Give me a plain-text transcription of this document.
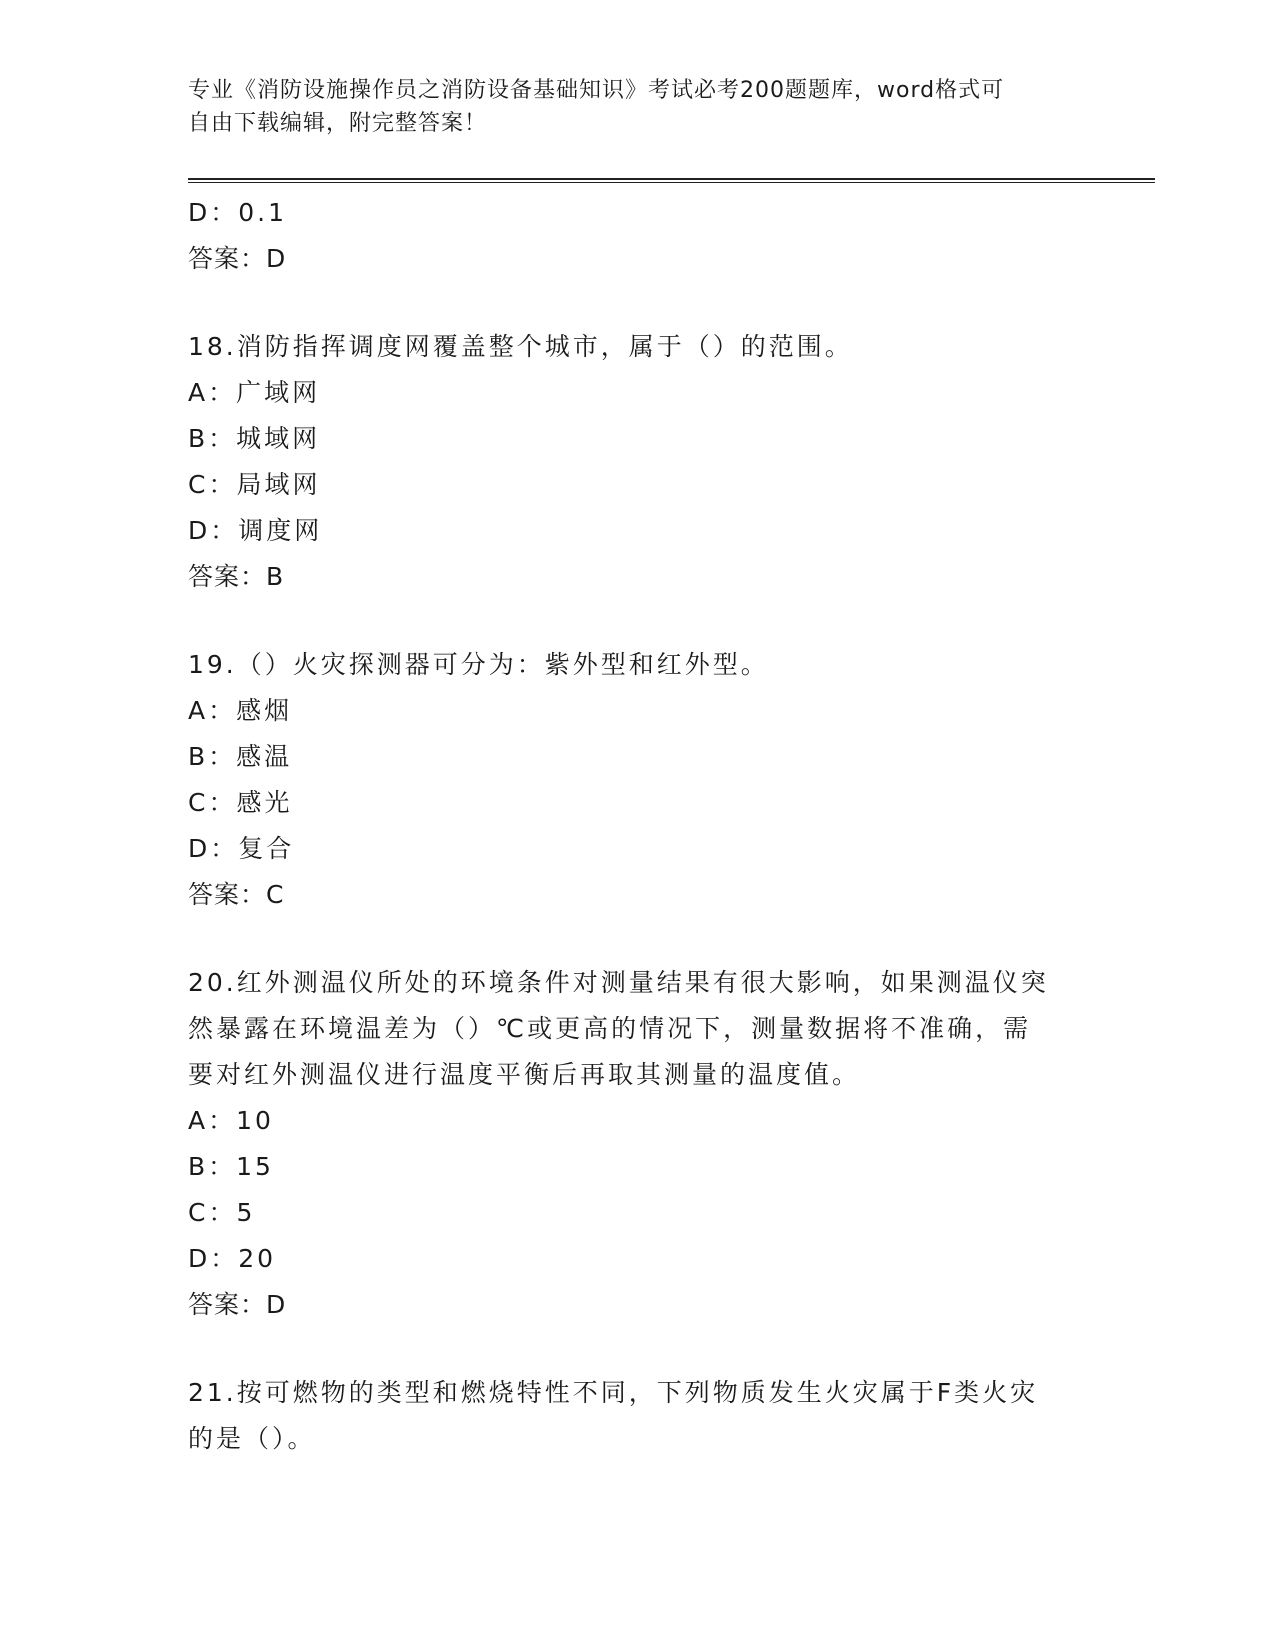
专业《消防设施操作员之消防设备基础知识》考试必考200题题库，word格式可
自由下载编辑，附完整答案！
D：0.1
答案：D
18.消防指挥调度网覆盖整个城市，属于（）的范围。
A：广域网
B：城域网
C：局域网
D：调度网
答案：B
19.（）火灾探测器可分为：紫外型和红外型。
A：感烟
B：感温
C：感光
D：复合
答案：C
20.红外测温仪所处的环境条件对测量结果有很大影响，如果测温仪突
然暴露在环境温差为（）℃或更高的情况下，测量数据将不准确，需
要对红外测温仪进行温度平衡后再取其测量的温度值。
A：10
B：15
C：5
D：20
答案：D
21.按可燃物的类型和燃烧特性不同，下列物质发生火灾属于F类火灾
的是（）。
